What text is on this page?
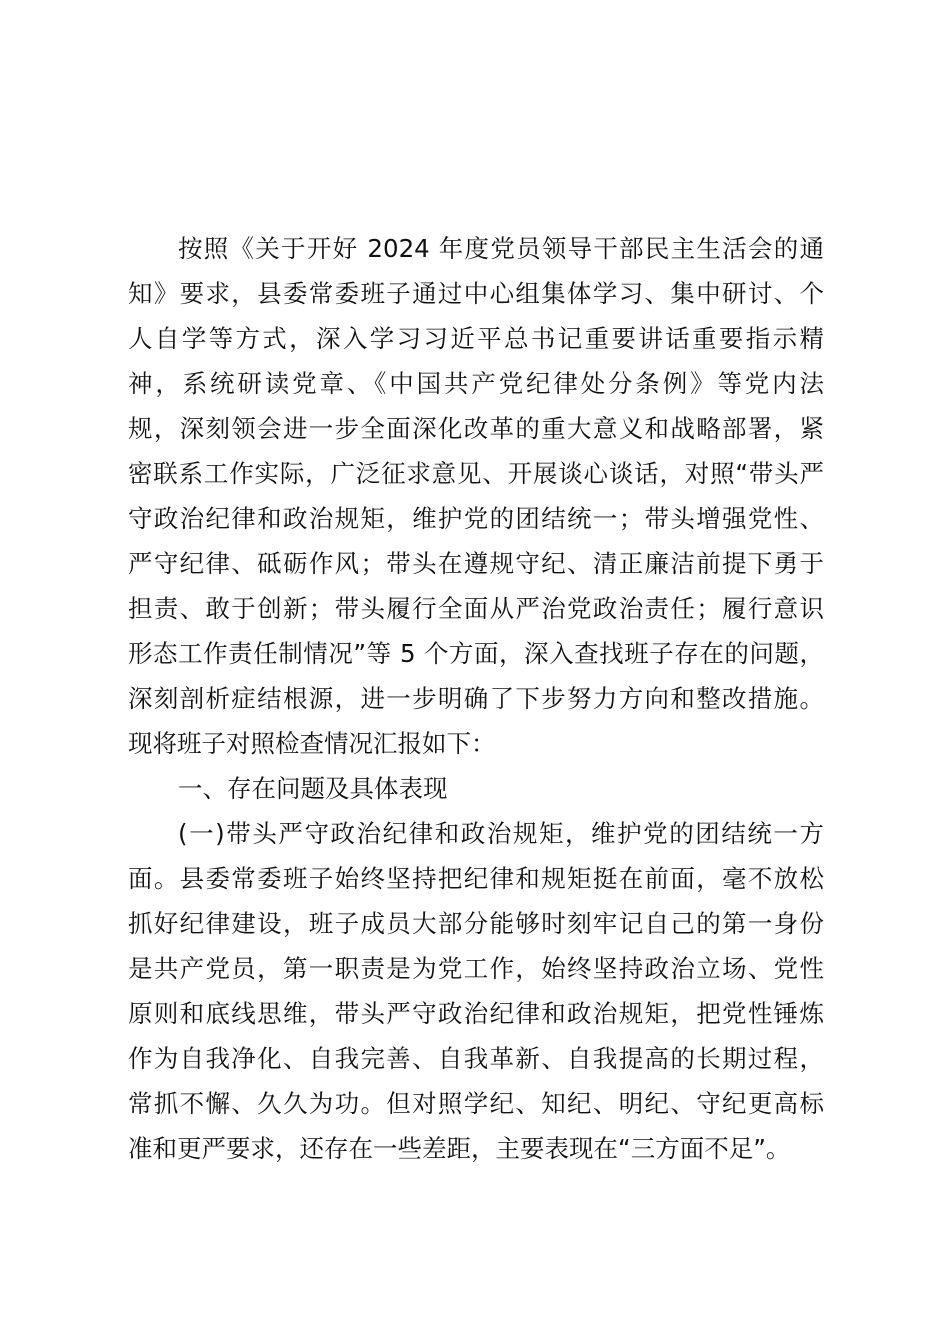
按照《关于开好 2024 年度党员领导干部民主生活会的通
知》要求，县委常委班子通过中心组集体学习、集中研讨、个
人自学等方式，深入学习习近平总书记重要讲话重要指示精
神，系统研读党章、《中国共产党纪律处分条例》等党内法
规，深刻领会进一步全面深化改革的重大意义和战略部署，紧
密联系工作实际，广泛征求意见、开展谈心谈话，对照“带头严
守政治纪律和政治规矩，维护党的团结统一；带头增强党性、
严守纪律、砥砺作风；带头在遵规守纪、清正廉洁前提下勇于
担责、敢于创新；带头履行全面从严治党政治责任；履行意识
形态工作责任制情况”等 5 个方面，深入查找班子存在的问题，
深刻剖析症结根源，进一步明确了下步努力方向和整改措施。
现将班子对照检查情况汇报如下：
一、存在问题及具体表现
(一)带头严守政治纪律和政治规矩，维护党的团结统一方
面。县委常委班子始终坚持把纪律和规矩挺在前面，毫不放松
抓好纪律建设，班子成员大部分能够时刻牢记自己的第一身份
是共产党员，第一职责是为党工作，始终坚持政治立场、党性
原则和底线思维，带头严守政治纪律和政治规矩，把党性锤炼
作为自我净化、自我完善、自我革新、自我提高的长期过程，
常抓不懈、久久为功。但对照学纪、知纪、明纪、守纪更高标
准和更严要求，还存在一些差距，主要表现在“三方面不足”。
